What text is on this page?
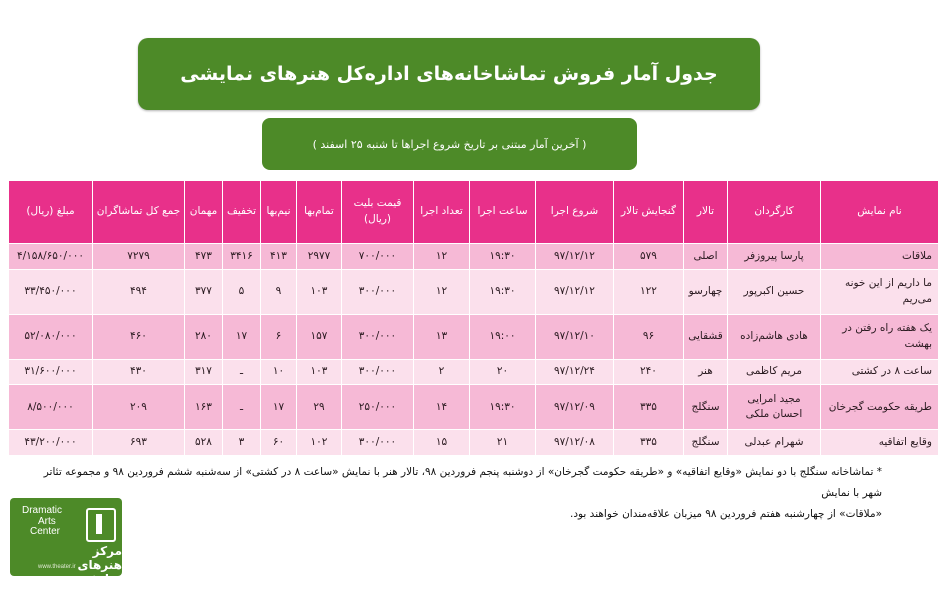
جدول آمار فروش تماشاخانه‌های اداره‌کل هنرهای نمایشی
( آخرین آمار مبتنی بر تاریخ شروع اجراها تا شنبه ۲۵ اسفند )
نام نمایش	کارگردان	تالار	گنجایش تالار	شروع اجرا	ساعت اجرا	تعداد اجرا	قیمت بلیت (ریال)	تمام‌بها	نیم‌بها	تخفیف	مهمان	جمع کل تماشاگران	مبلغ (ریال)
ملاقات	پارسا پیروزفر	اصلی	۵۷۹	۹۷/۱۲/۱۲	۱۹:۳۰	۱۲	۷۰۰/۰۰۰	۲۹۷۷	۴۱۳	۳۴۱۶	۴۷۳	۷۲۷۹	۴/۱۵۸/۶۵۰/۰۰۰
ما داریم از این خونه می‌ریم	حسین اکبرپور	چهارسو	۱۲۲	۹۷/۱۲/۱۲	۱۹:۳۰	۱۲	۳۰۰/۰۰۰	۱۰۳	۹	۵	۳۷۷	۴۹۴	۳۳/۴۵۰/۰۰۰
یک هفته راه رفتن در بهشت	هادی هاشم‌زاده	قشقایی	۹۶	۹۷/۱۲/۱۰	۱۹:۰۰	۱۳	۳۰۰/۰۰۰	۱۵۷	۶	۱۷	۲۸۰	۴۶۰	۵۲/۰۸۰/۰۰۰
ساعت ۸ در کشتی	مریم کاظمی	هنر	۲۴۰	۹۷/۱۲/۲۴	۲۰	۲	۳۰۰/۰۰۰	۱۰۳	۱۰	ـ	۳۱۷	۴۳۰	۳۱/۶۰۰/۰۰۰
طریقه حکومت گجرخان	مجید امرایی احسان ملکی	سنگلج	۳۳۵	۹۷/۱۲/۰۹	۱۹:۳۰	۱۴	۲۵۰/۰۰۰	۲۹	۱۷	ـ	۱۶۳	۲۰۹	۸/۵۰۰/۰۰۰
وقایع اتفاقیه	شهرام عبدلی	سنگلج	۳۳۵	۹۷/۱۲/۰۸	۲۱	۱۵	۳۰۰/۰۰۰	۱۰۲	۶۰	۳	۵۲۸	۶۹۳	۴۳/۲۰۰/۰۰۰
* تماشاخانه سنگلج با دو نمایش «وقایع اتفاقیه» و «طریقه حکومت گجرخان» از دوشنبه پنجم فروردین ۹۸، تالار هنر با نمایش «ساعت ۸ در کشتی» از سه‌شنبه ششم فروردین ۹۸ و مجموعه تئاتر شهر با نمایش
«ملاقات» از چهارشنبه هفتم فروردین ۹۸ میزبان علاقه‌مندان خواهند بود.
Dramatic
Arts
Center
مرکز هنرهای نمایشی
www.theater.ir
